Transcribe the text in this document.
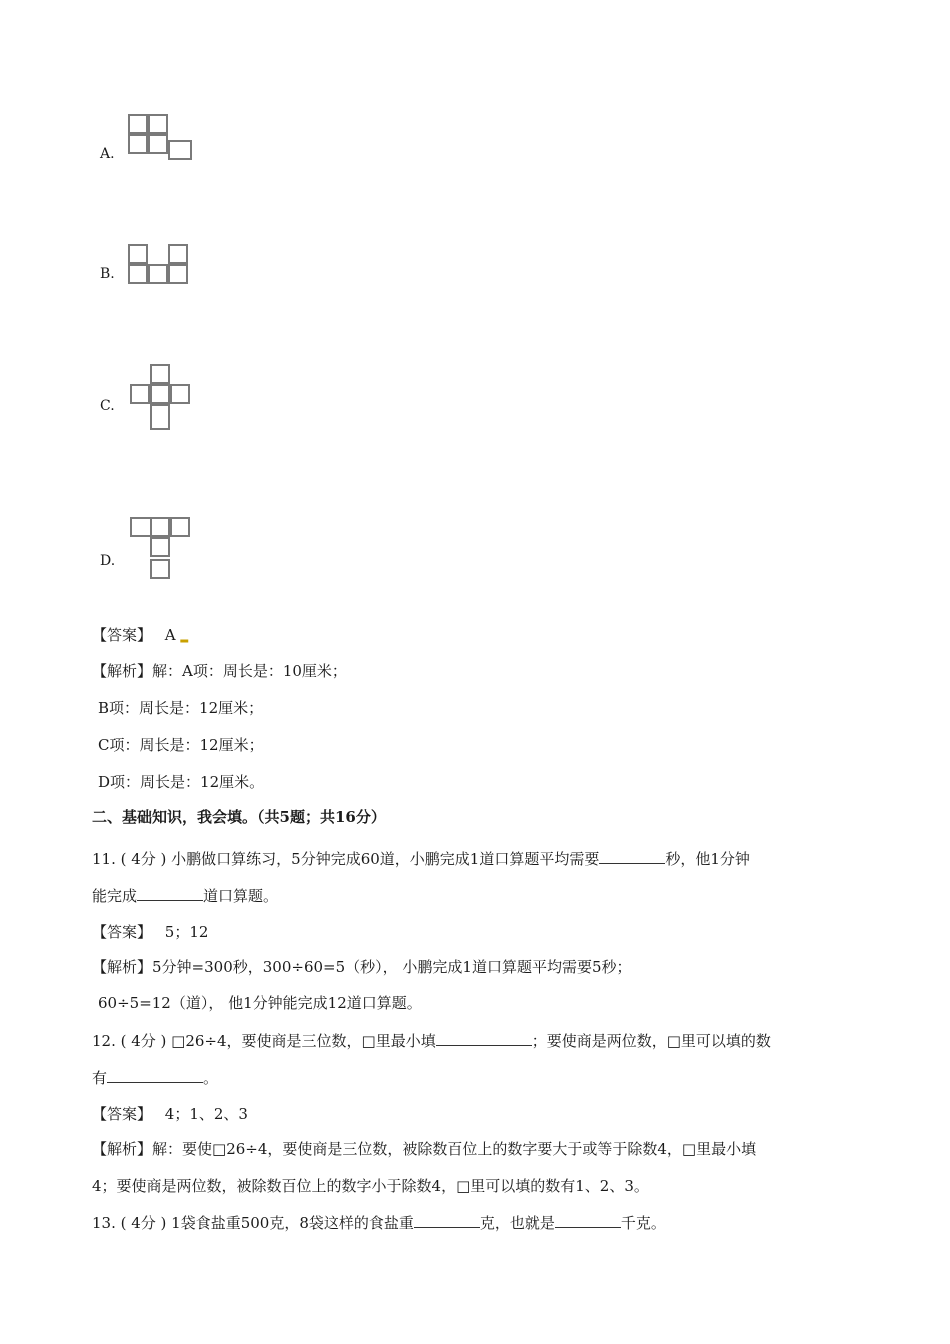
A.
B.
C.
D.
【答案】 A ▂
【解析】解：A项：周长是：10厘米；
B项：周长是：12厘米；
C项：周长是：12厘米；
D项：周长是：12厘米。
二、基础知识，我会填。（共5题；共16分）
11. ( 4分 ) 小鹏做口算练习，5分钟完成60道，小鹏完成1道口算题平均需要	秒，他1分钟
能完成	道口算题。
【答案】 5；12
【解析】5分钟=300秒，300÷60=5（秒）， 小鹏完成1道口算题平均需要5秒；
60÷5=12（道）， 他1分钟能完成12道口算题。
12. ( 4分 ) □26÷4，要使商是三位数，□里最小填	；要使商是两位数，□里可以填的数
有	。
【答案】 4；1、2、3
【解析】解：要使□26÷4，要使商是三位数，被除数百位上的数字要大于或等于除数4，□里最小填
4；要使商是两位数，被除数百位上的数字小于除数4，□里可以填的数有1、2、3。
13. ( 4分 ) 1袋食盐重500克，8袋这样的食盐重	克，也就是	千克。
